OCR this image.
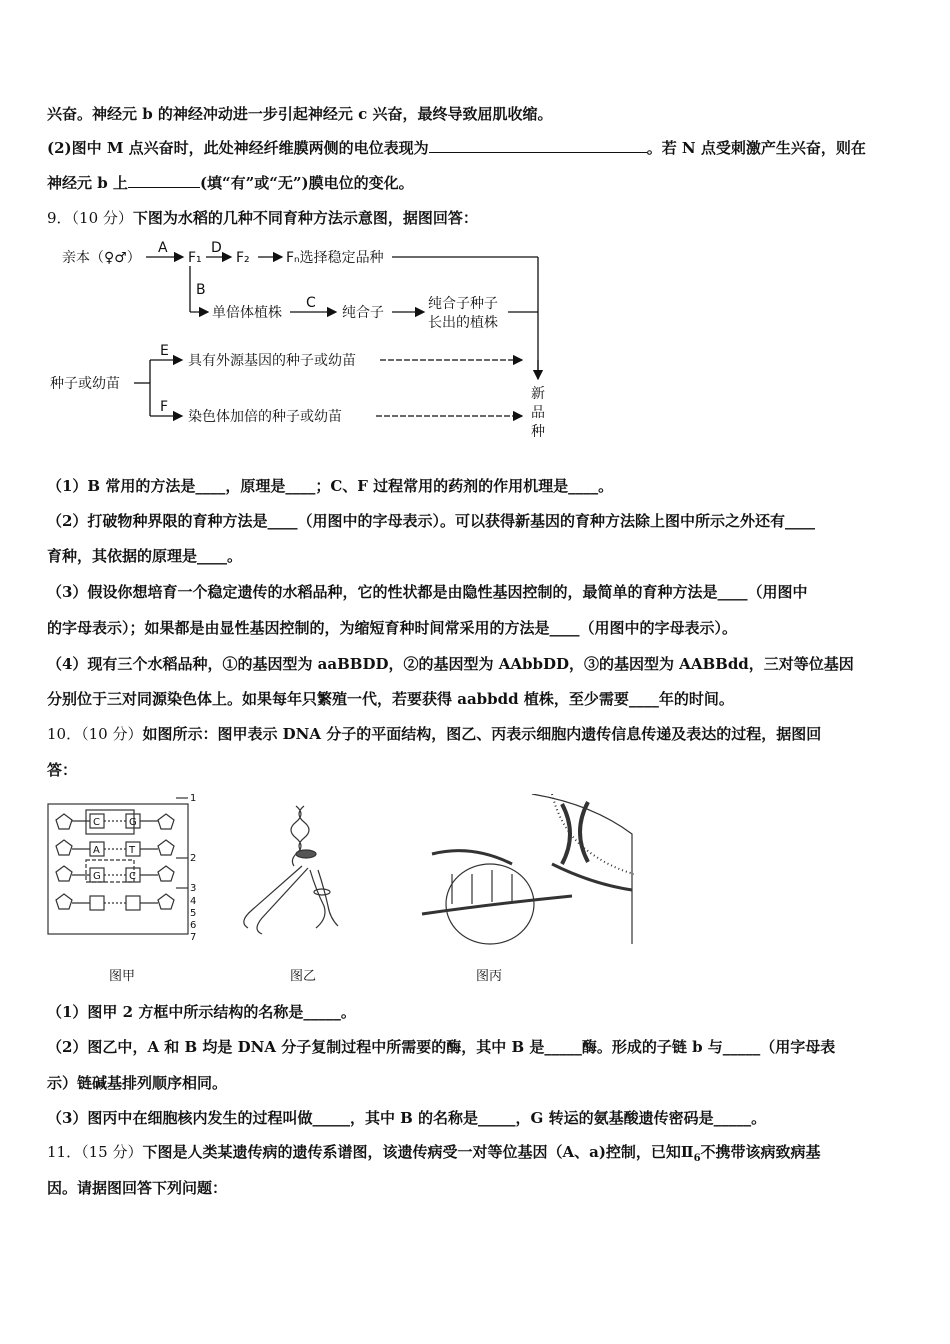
兴奋。神经元 b 的神经冲动进一步引起神经元 c 兴奋，最终导致屈肌收缩。
(2)图中 M 点兴奋时，此处神经纤维膜两侧的电位表现为	。若 N 点受刺激产生兴奋，则在
神经元 b 上	(填“有”或“无”)膜电位的变化。
9．（10 分）下图为水稻的几种不同育种方法示意图，据图回答：
亲本（♀♂）
A
F₁
D
F₂	Fₙ选择稳定品种
B
单倍体植株
C
纯合子
纯合子种子
长出的植株
种子或幼苗
E
具有外源基因的种子或幼苗
F
染色体加倍的种子或幼苗
新
品
种
（1）B 常用的方法是____，原理是____；C、F 过程常用的药剂的作用机理是____。
（2）打破物种界限的育种方法是____（用图中的字母表示）。可以获得新基因的育种方法除上图中所示之外还有____
育种，其依据的原理是____。
（3）假设你想培育一个稳定遗传的水稻品种，它的性状都是由隐性基因控制的，最简单的育种方法是____（用图中
的字母表示）；如果都是由显性基因控制的，为缩短育种时间常采用的方法是____（用图中的字母表示）。
（4）现有三个水稻品种，①的基因型为 aaBBDD，②的基因型为 AAbbDD，③的基因型为 AABBdd，三对等位基因
分别位于三对同源染色体上。如果每年只繁殖一代，若要获得 aabbdd 植株，至少需要____年的时间。
10．（10 分）如图所示：图甲表示 DNA 分子的平面结构，图乙、丙表示细胞内遗传信息传递及表达的过程，据图回
答：
C
A
G
G
T
C
1
2
3
4
5
6
7
图甲	图乙	图丙
（1）图甲 2 方框中所示结构的名称是_____。
（2）图乙中，A 和 B 均是 DNA 分子复制过程中所需要的酶，其中 B 是_____酶。形成的子链 b 与_____（用字母表
示）链碱基排列顺序相同。
（3）图丙中在细胞核内发生的过程叫做_____，其中 B 的名称是_____，G 转运的氨基酸遗传密码是_____。
11．（15 分）下图是人类某遗传病的遗传系谱图，该遗传病受一对等位基因（A、a)控制，已知$Ⅱ_6$不携带该病致病基
因。请据图回答下列问题：
